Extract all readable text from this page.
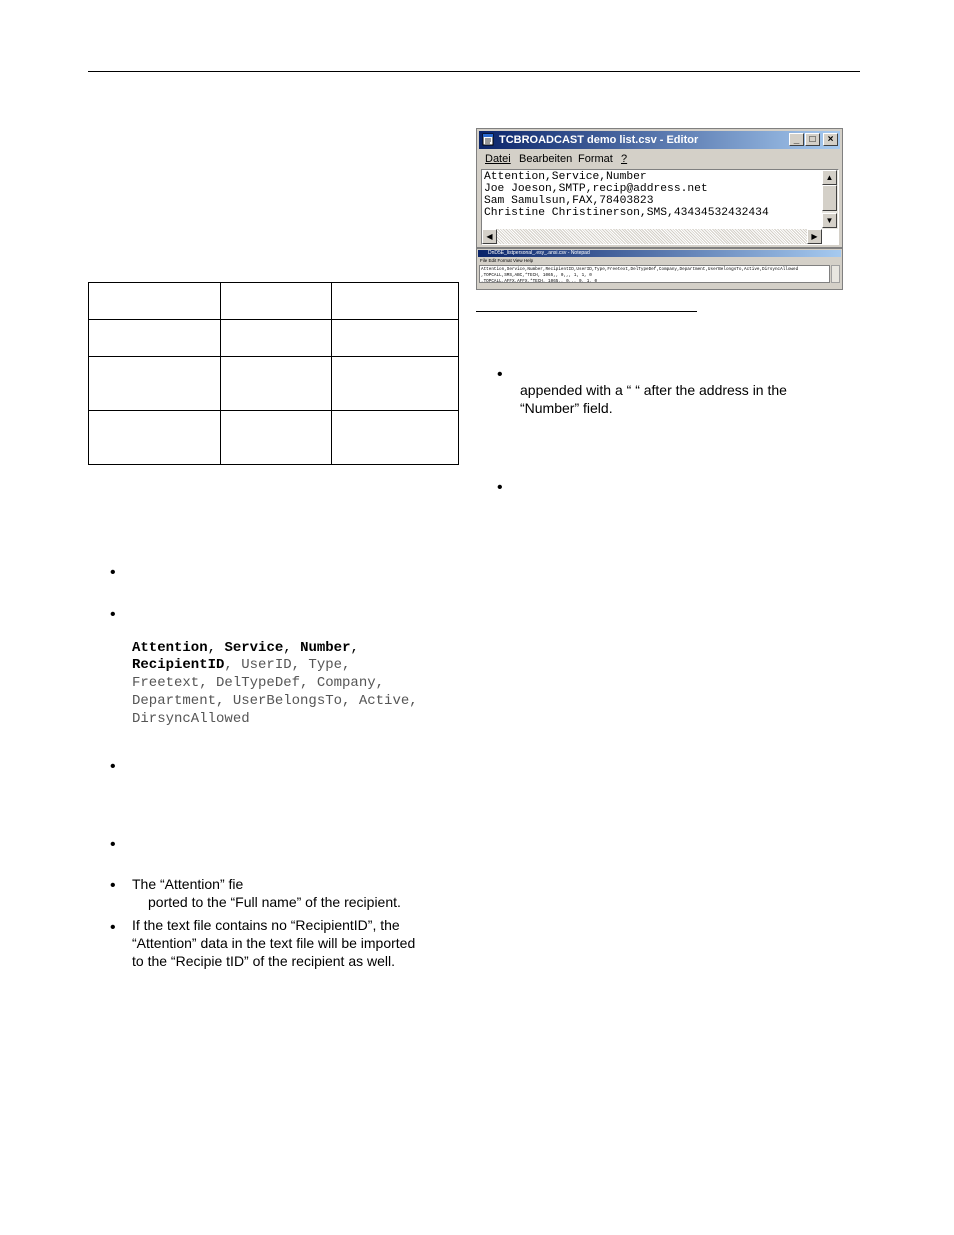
•
•
Attention, Service, Number,
RecipientID, UserID, Type,
Freetext, DelTypeDef, Company,
Department, UserBelongsTo, Active,
DirsyncAllowed
•
•
• The “Attention” fie
ported to the “Full name” of the recipient.
• If the text file contains no “RecipientID”, the
“Attention” data in the text file will be imported
to the “Recipie tID” of the recipient as well.
TCBROADCAST demo list.csv - Editor	_	□	×
Datei Bearbeiten Format ?
Attention,Service,Number
Joe Joeson,SMTP,recip@address.net
Sam Samulsun,FAX,78403823
Christine Christinerson,SMS,43434532432434
▲
▼
◀	▶
DnD5E_listpersonal_.esy_.ansi.csv - Notepad
File Edit Format View Help
Attention,Service,Number,RecipientID,UserID,Type,Freetext,DelTypeDef,Company,Department,UserBelongsTo,Active,DirsyncAllowed
,TOPCALL,SMS,ABC,*TECH, 1065,, 0,,, 1, 1, 0
,TOPCALL,AFFX,AFFX,*TECH, 1065,, 0,,, 0, 1, 0
•
appended with a “ “ after the address in the
“Number” field.
•
